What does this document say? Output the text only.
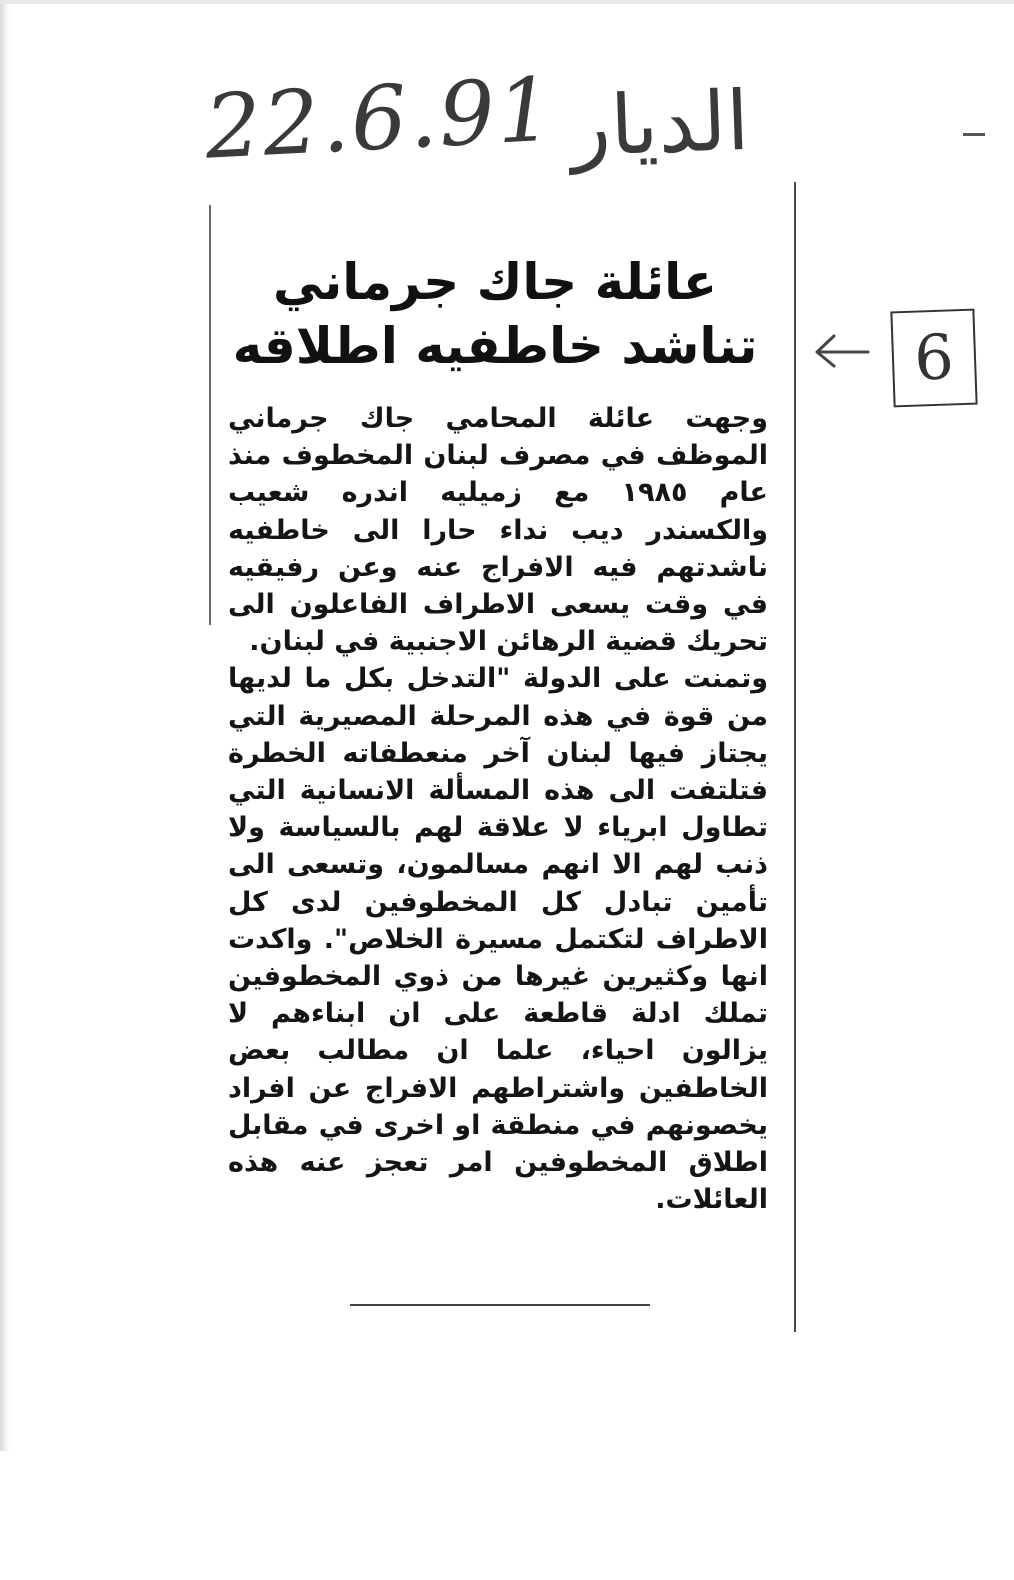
22.6.91 الديار
عائلة جاك جرماني
تناشد خاطفيه اطلاقه

وجهت عائلة المحامي جاك جرماني الموظف في مصرف لبنان المخطوف منذ عام ١٩٨٥ مع زميليه اندره شعيب والكسندر ديب نداء حارا الى خاطفيه ناشدتهم فيه الافراج عنه وعن رفيقيه في وقت يسعى الاطراف الفاعلون الى تحريك قضية الرهائن الاجنبية في لبنان.

وتمنت على الدولة "التدخل بكل ما لديها من قوة في هذه المرحلة المصيرية التي يجتاز فيها لبنان آخر منعطفاته الخطرة فتلتفت الى هذه المسألة الانسانية التي تطاول ابرياء لا علاقة لهم بالسياسة ولا ذنب لهم الا انهم مسالمون، وتسعى الى تأمين تبادل كل المخطوفين لدى كل الاطراف لتكتمل مسيرة الخلاص". واكدت انها وكثيرين غيرها من ذوي المخطوفين تملك ادلة قاطعة على ان ابناءهم لا يزالون احياء، علما ان مطالب بعض الخاطفين واشتراطهم الافراج عن افراد يخصونهم في منطقة او اخرى في مقابل اطلاق المخطوفين امر تعجز عنه هذه العائلات.

6
